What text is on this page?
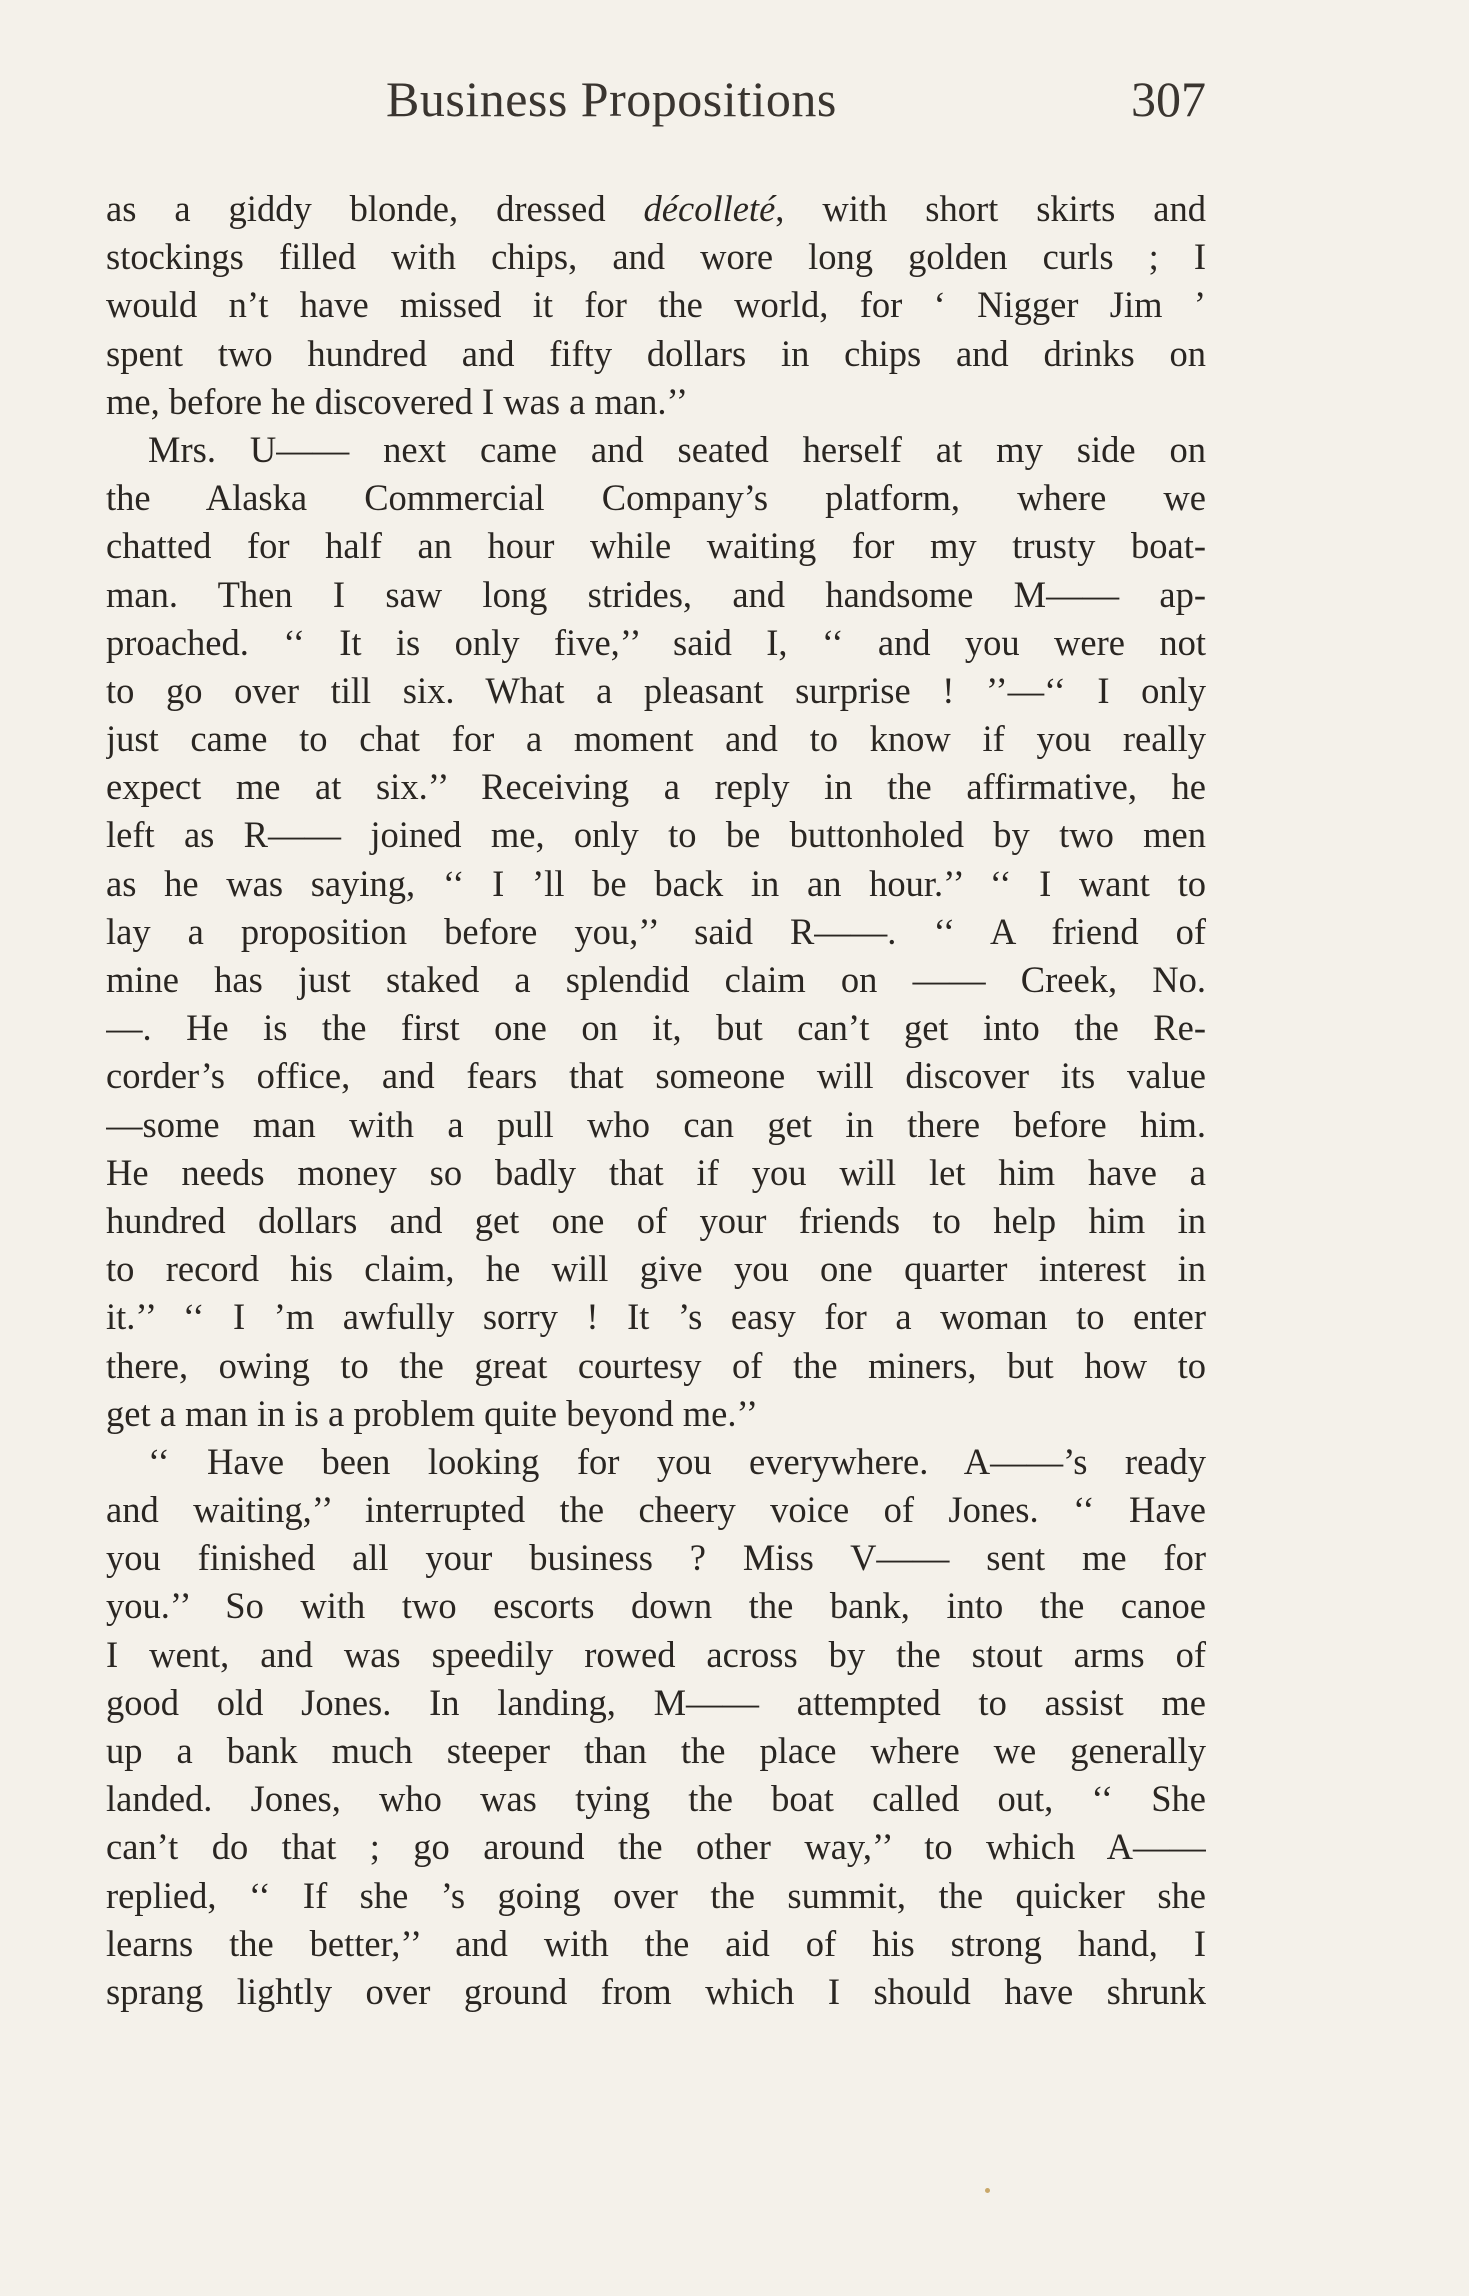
Business Propositions	307
as a giddy blonde, dressed décolleté, with short skirts and
stockings filled with chips, and wore long golden curls ; I
would n’t have missed it for the world, for ‘ Nigger Jim ’
spent two hundred and fifty dollars in chips and drinks on
me, before he discovered I was a man.’’
Mrs. U—— next came and seated herself at my side on
the Alaska Commercial Company’s platform, where we
chatted for half an hour while waiting for my trusty boat-
man. Then I saw long strides, and handsome M—— ap-
proached. ‘‘ It is only five,’’ said I, ‘‘ and you were not
to go over till six. What a pleasant surprise ! ’’—‘‘ I only
just came to chat for a moment and to know if you really
expect me at six.’’ Receiving a reply in the affirmative, he
left as R—— joined me, only to be buttonholed by two men
as he was saying, ‘‘ I ’ll be back in an hour.’’ ‘‘ I want to
lay a proposition before you,’’ said R——. ‘‘ A friend of
mine has just staked a splendid claim on —— Creek, No.
—. He is the first one on it, but can’t get into the Re-
corder’s office, and fears that someone will discover its value
—some man with a pull who can get in there before him.
He needs money so badly that if you will let him have a
hundred dollars and get one of your friends to help him in
to record his claim, he will give you one quarter interest in
it.’’ ‘‘ I ’m awfully sorry ! It ’s easy for a woman to enter
there, owing to the great courtesy of the miners, but how to
get a man in is a problem quite beyond me.’’
‘‘ Have been looking for you everywhere. A——’s ready
and waiting,’’ interrupted the cheery voice of Jones. ‘‘ Have
you finished all your business ? Miss V—— sent me for
you.’’ So with two escorts down the bank, into the canoe
I went, and was speedily rowed across by the stout arms of
good old Jones. In landing, M—— attempted to assist me
up a bank much steeper than the place where we generally
landed. Jones, who was tying the boat called out, ‘‘ She
can’t do that ; go around the other way,’’ to which A——
replied, ‘‘ If she ’s going over the summit, the quicker she
learns the better,’’ and with the aid of his strong hand, I
sprang lightly over ground from which I should have shrunk
